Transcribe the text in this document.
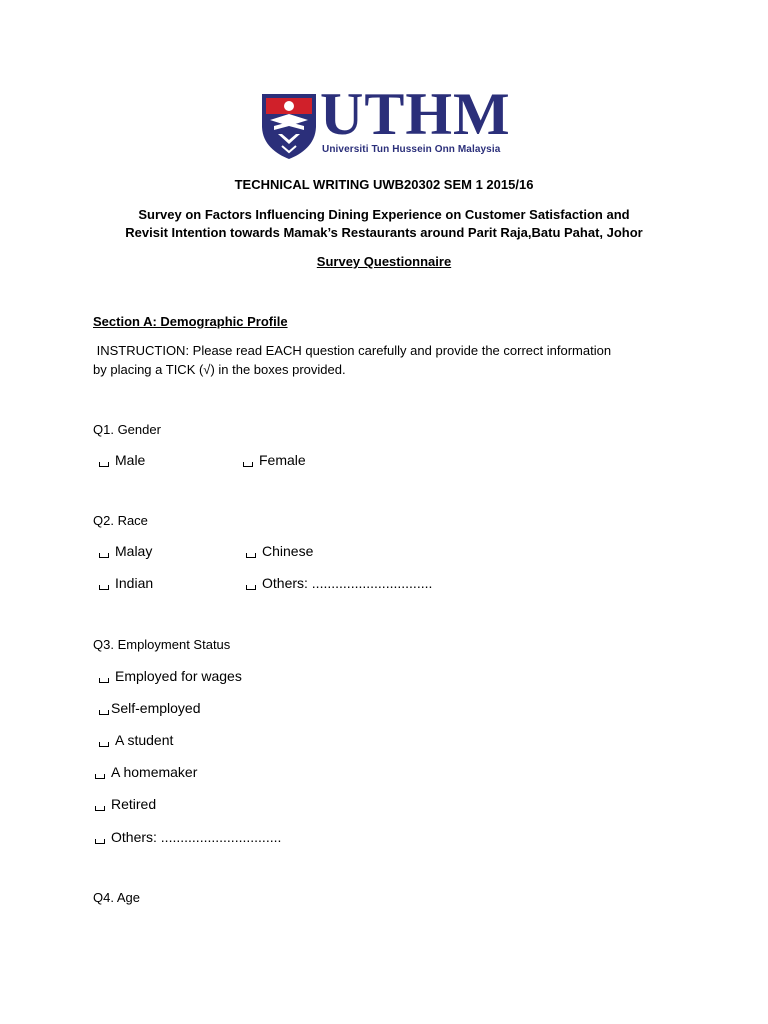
UTHM
Universiti Tun Hussein Onn Malaysia
TECHNICAL WRITING UWB20302 SEM 1 2015/16
Survey on Factors Influencing Dining Experience on Customer Satisfaction and
Revisit Intention towards Mamak’s Restaurants around Parit Raja,Batu Pahat, Johor
Survey Questionnaire
Section A: Demographic Profile
INSTRUCTION: Please read EACH question carefully and provide the correct information
by placing a TICK (√) in the boxes provided.
Q1. Gender
Male	Female
Q2. Race
Malay	Chinese
Indian	Others: ...............................
Q3. Employment Status
Employed for wages
Self-employed
A student
A homemaker
Retired
Others: ...............................
Q4. Age
